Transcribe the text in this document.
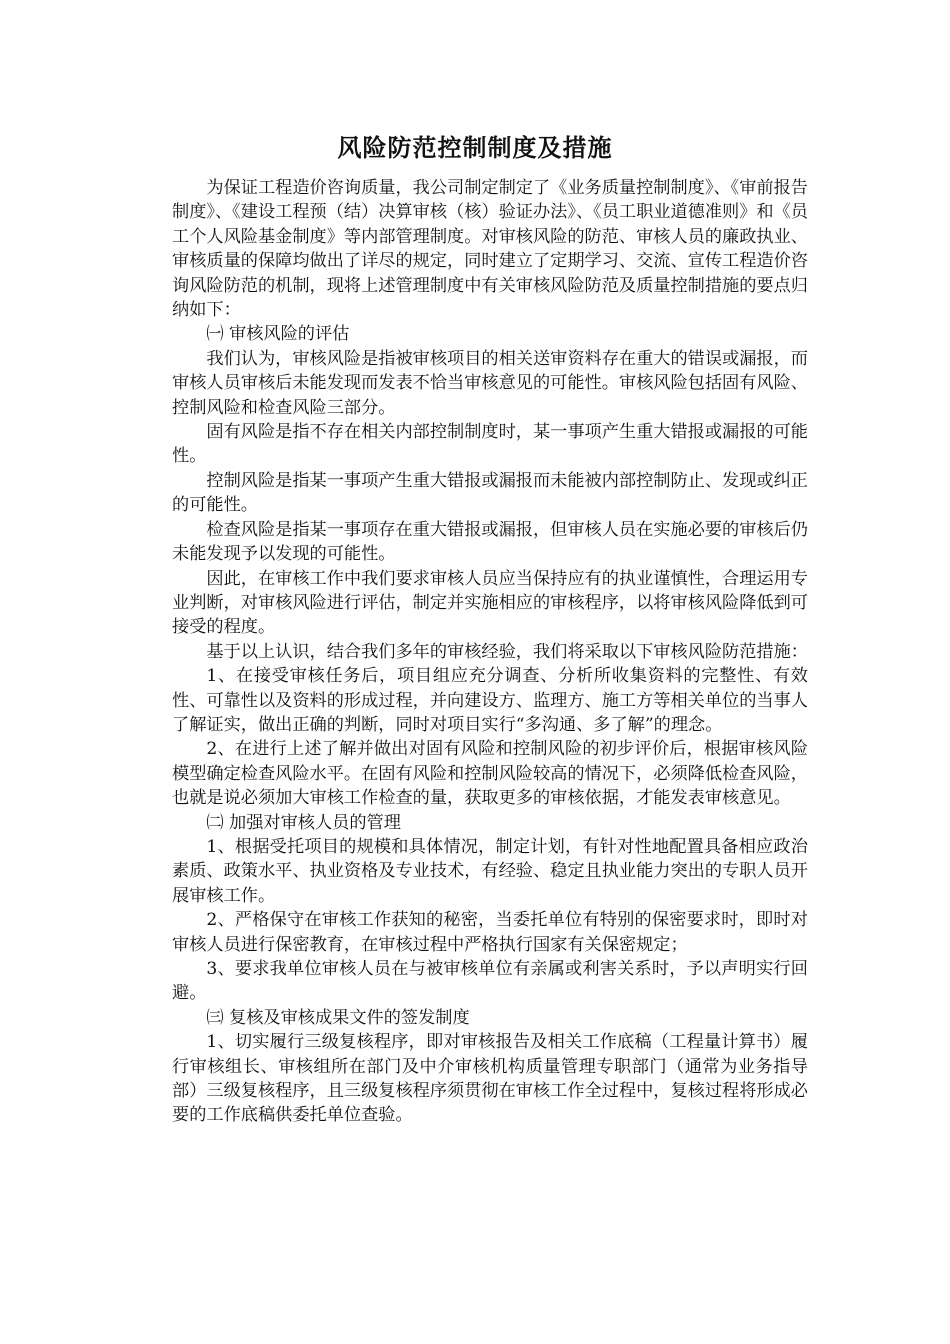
风险防范控制制度及措施

为保证工程造价咨询质量，我公司制定制定了《业务质量控制制度》、《审前报告制度》、《建设工程预（结）决算审核（核）验证办法》、《员工职业道德准则》和《员工个人风险基金制度》等内部管理制度。对审核风险的防范、审核人员的廉政执业、审核质量的保障均做出了详尽的规定，同时建立了定期学习、交流、宣传工程造价咨询风险防范的机制，现将上述管理制度中有关审核风险防范及质量控制措施的要点归纳如下：

㈠ 审核风险的评估

我们认为，审核风险是指被审核项目的相关送审资料存在重大的错误或漏报，而审核人员审核后未能发现而发表不恰当审核意见的可能性。审核风险包括固有风险、控制风险和检查风险三部分。

固有风险是指不存在相关内部控制制度时，某一事项产生重大错报或漏报的可能性。

控制风险是指某一事项产生重大错报或漏报而未能被内部控制防止、发现或纠正的可能性。

检查风险是指某一事项存在重大错报或漏报，但审核人员在实施必要的审核后仍未能发现予以发现的可能性。

因此，在审核工作中我们要求审核人员应当保持应有的执业谨慎性，合理运用专业判断，对审核风险进行评估，制定并实施相应的审核程序，以将审核风险降低到可接受的程度。

基于以上认识，结合我们多年的审核经验，我们将采取以下审核风险防范措施：

1、在接受审核任务后，项目组应充分调查、分析所收集资料的完整性、有效性、可靠性以及资料的形成过程，并向建设方、监理方、施工方等相关单位的当事人了解证实，做出正确的判断，同时对项目实行“多沟通、多了解”的理念。

2、在进行上述了解并做出对固有风险和控制风险的初步评价后，根据审核风险模型确定检查风险水平。在固有风险和控制风险较高的情况下，必须降低检查风险，也就是说必须加大审核工作检查的量，获取更多的审核依据，才能发表审核意见。

㈡ 加强对审核人员的管理

1、根据受托项目的规模和具体情况，制定计划，有针对性地配置具备相应政治素质、政策水平、执业资格及专业技术，有经验、稳定且执业能力突出的专职人员开展审核工作。

2、严格保守在审核工作获知的秘密，当委托单位有特别的保密要求时，即时对审核人员进行保密教育，在审核过程中严格执行国家有关保密规定；

3、要求我单位审核人员在与被审核单位有亲属或利害关系时，予以声明实行回避。

㈢ 复核及审核成果文件的签发制度

1、切实履行三级复核程序，即对审核报告及相关工作底稿（工程量计算书）履行审核组长、审核组所在部门及中介审核机构质量管理专职部门（通常为业务指导部）三级复核程序，且三级复核程序须贯彻在审核工作全过程中，复核过程将形成必要的工作底稿供委托单位查验。
